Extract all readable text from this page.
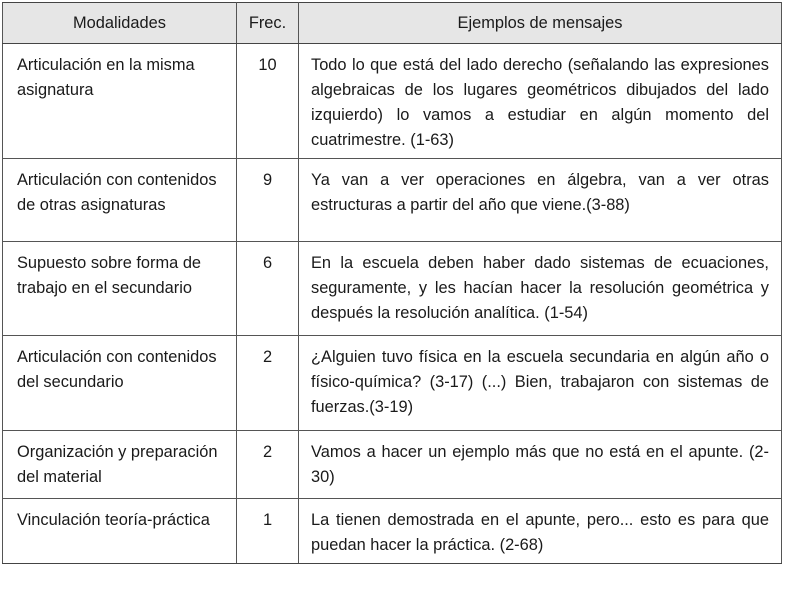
Modalidades	Frec.	Ejemplos de mensajes
Articulación en la misma asignatura	10	Todo lo que está del lado derecho (señalando las expresiones algebraicas de los lugares geométricos dibujados del lado izquierdo) lo vamos a estudiar en algún momento del cuatrimestre. (1-63)
Articulación con contenidos de otras asignaturas	9	Ya van a ver operaciones en álgebra, van a ver otras estructuras a partir del año que viene.(3-88)
Supuesto sobre forma de trabajo en el secundario	6	En la escuela deben haber dado sistemas de ecuaciones, seguramente, y les hacían hacer la resolución geométrica y después la resolución analítica. (1-54)
Articulación con contenidos del secundario	2	¿Alguien tuvo física en la escuela secundaria en algún año o físico-química? (3-17) (...) Bien, trabajaron con sistemas de fuerzas.(3-19)
Organización y preparación del material	2	Vamos a hacer un ejemplo más que no está en el apunte. (2-30)
Vinculación teoría-práctica	1	La tienen demostrada en el apunte, pero... esto es para que puedan hacer la práctica. (2-68)
